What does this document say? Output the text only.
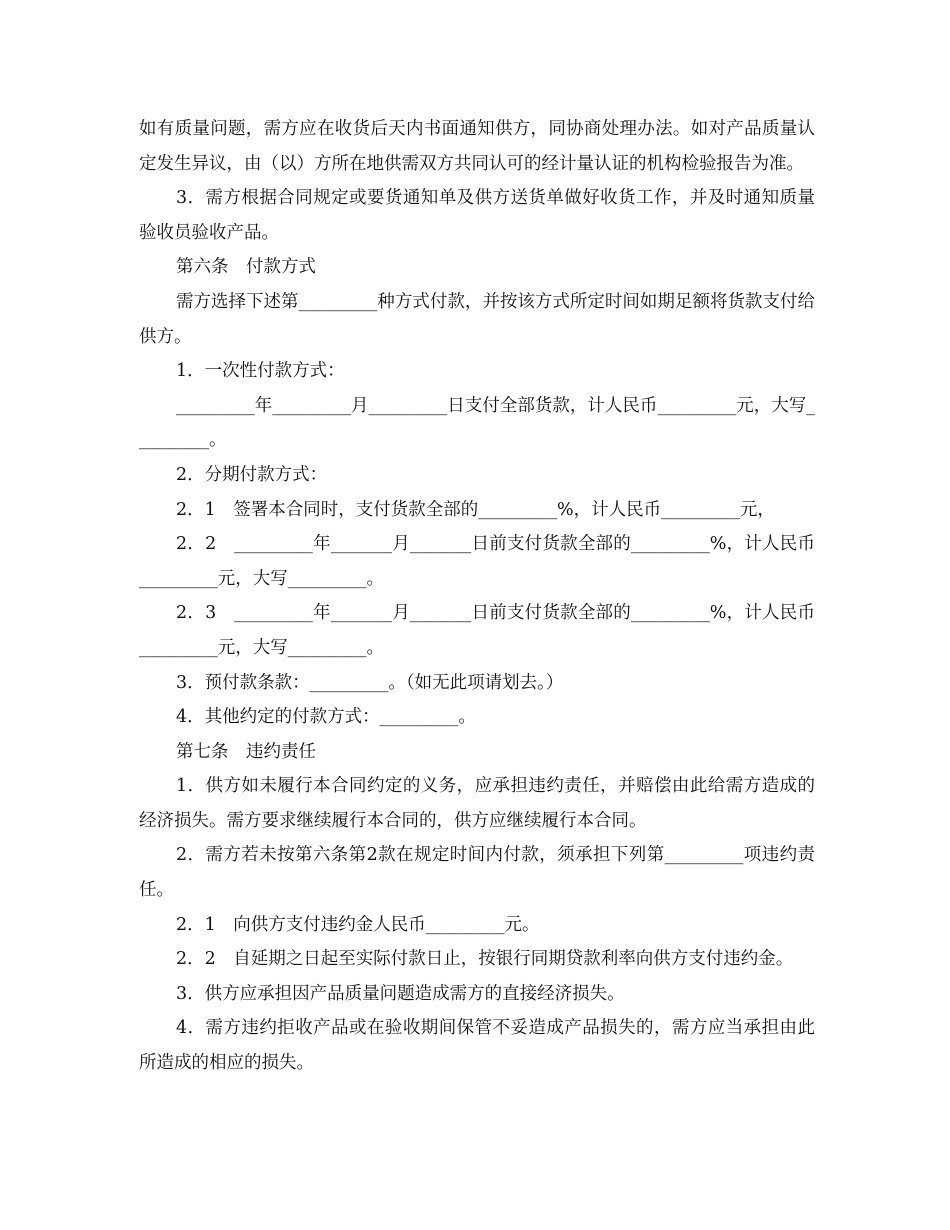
如有质量问题，需方应在收货后天内书面通知供方，同协商处理办法。如对产品质量认定发生异议，由（以）方所在地供需双方共同认可的经计量认证的机构检验报告为准。

3．需方根据合同规定或要货通知单及供方送货单做好收货工作，并及时通知质量验收员验收产品。

第六条　付款方式

需方选择下述第_________种方式付款，并按该方式所定时间如期足额将货款支付给供方。

1．一次性付款方式：

_________年_________月_________日支付全部货款，计人民币_________元，大写_________。

2．分期付款方式：

2．1　签署本合同时，支付货款全部的_________%，计人民币_________元，

2．2　_________年_______月_______日前支付货款全部的_________%，计人民币_________元，大写_________。

2．3　_________年_______月_______日前支付货款全部的_________%，计人民币_________元，大写_________。

3．预付款条款：_________。（如无此项请划去。）

4．其他约定的付款方式：_________。

第七条　违约责任

1．供方如未履行本合同约定的义务，应承担违约责任，并赔偿由此给需方造成的经济损失。需方要求继续履行本合同的，供方应继续履行本合同。

2．需方若未按第六条第2款在规定时间内付款，须承担下列第_________项违约责任。

2．1　向供方支付违约金人民币_________元。

2．2　自延期之日起至实际付款日止，按银行同期贷款利率向供方支付违约金。

3．供方应承担因产品质量问题造成需方的直接经济损失。

4．需方违约拒收产品或在验收期间保管不妥造成产品损失的，需方应当承担由此所造成的相应的损失。
